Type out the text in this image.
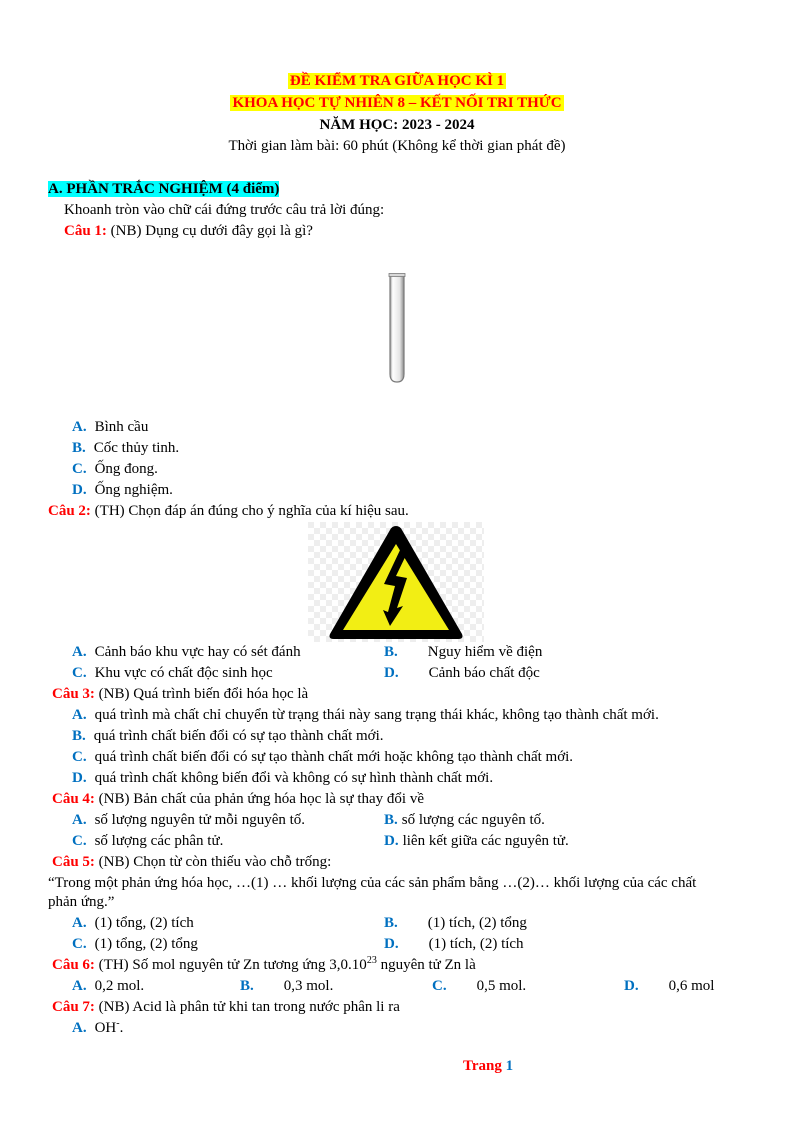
ĐỀ KIỂM TRA GIỮA HỌC KÌ 1
KHOA HỌC TỰ NHIÊN 8 – KẾT NỐI TRI THỨC
NĂM HỌC: 2023 - 2024
Thời gian làm bài: 60 phút (Không kể thời gian phát đề)
A. PHẦN TRẮC NGHIỆM (4 điểm)
Khoanh tròn vào chữ cái đứng trước câu trả lời đúng:
Câu 1: (NB) Dụng cụ dưới đây gọi là gì?
A. Bình cầu
B. Cốc thủy tinh.
C. Ống đong.
D. Ống nghiệm.
Câu 2: (TH) Chọn đáp án đúng cho ý nghĩa của kí hiệu sau.
A. Cảnh báo khu vực hay có sét đánh	B. Nguy hiểm về điện
C. Khu vực có chất độc sinh học	D. Cảnh báo chất độc
Câu 3: (NB) Quá trình biến đổi hóa học là
A. quá trình mà chất chỉ chuyển từ trạng thái này sang trạng thái khác, không tạo thành chất mới.
B. quá trình chất biến đổi có sự tạo thành chất mới.
C. quá trình chất biến đổi có sự tạo thành chất mới hoặc không tạo thành chất mới.
D. quá trình chất không biến đổi và không có sự hình thành chất mới.
Câu 4: (NB) Bản chất của phản ứng hóa học là sự thay đổi về
A. số lượng nguyên tử mỗi nguyên tố.	B. số lượng các nguyên tố.
C. số lượng các phân tử.	D. liên kết giữa các nguyên tử.
Câu 5: (NB) Chọn từ còn thiếu vào chỗ trống:
“Trong một phản ứng hóa học, …(1) … khối lượng của các sản phẩm bằng …(2)… khối lượng của các chất
phản ứng.”
A. (1) tổng, (2) tích	B. (1) tích, (2) tổng
C. (1) tổng, (2) tổng	D. (1) tích, (2) tích
Câu 6: (TH) Số mol nguyên tử Zn tương ứng 3,0.10$^{23}$ nguyên tử Zn là
A. 0,2 mol.	B. 0,3 mol.	C. 0,5 mol.	D. 0,6 mol
Câu 7: (NB) Acid là phân tử khi tan trong nước phân li ra
A. OH-.
Trang 1
